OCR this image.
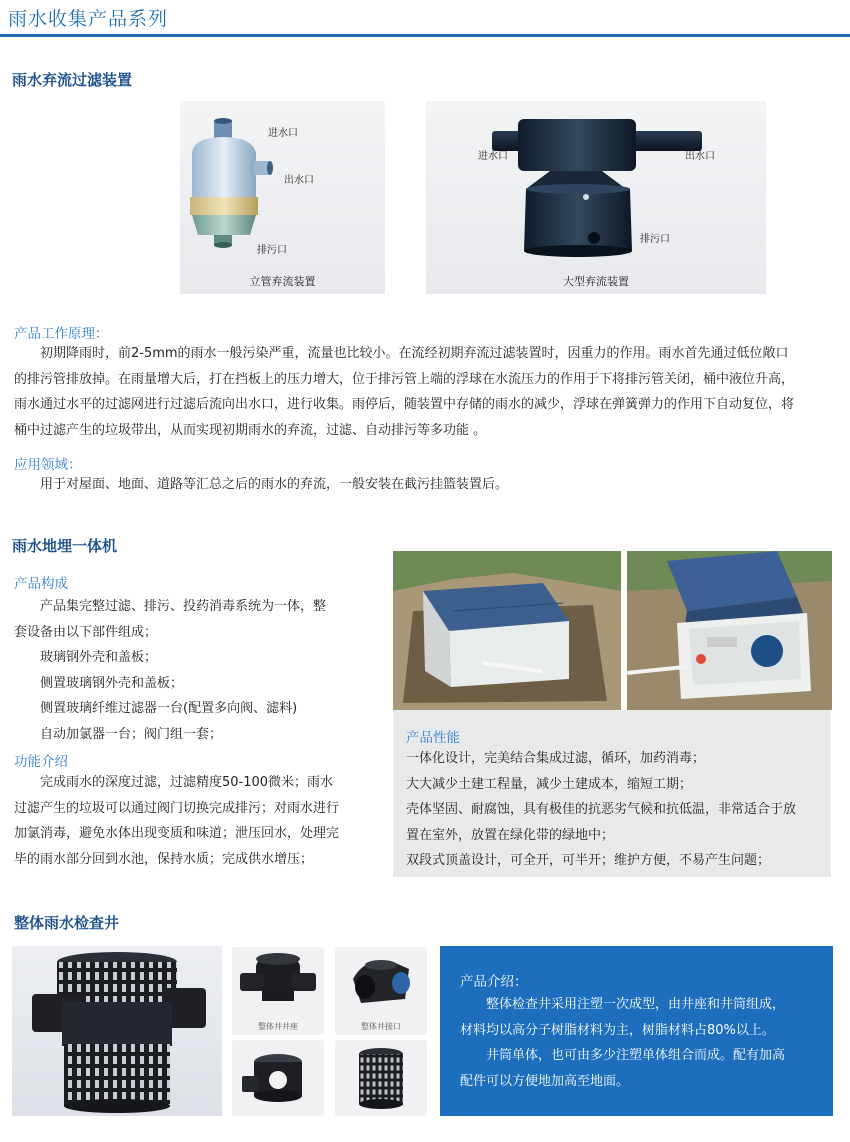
雨水收集产品系列
雨水弃流过滤装置
进水口
出水口
排污口
立管弃流装置
进水口	出水口
排污口
大型弃流装置
产品工作原理：
初期降雨时，前2-5mm的雨水一般污染严重，流量也比较小。在流经初期弃流过滤装置时，因重力的作用。雨水首先通过低位敞口
的排污管排放掉。在雨量增大后，打在挡板上的压力增大，位于排污管上端的浮球在水流压力的作用于下将排污管关闭，桶中液位升高，
雨水通过水平的过滤网进行过滤后流向出水口，进行收集。雨停后，随装置中存储的雨水的减少，浮球在弹簧弹力的作用下自动复位，将
桶中过滤产生的垃圾带出，从而实现初期雨水的弃流，过滤、自动排污等多功能 。
应用领域：
用于对屋面、地面、道路等汇总之后的雨水的弃流，一般安装在截污挂篮装置后。
雨水地埋一体机
产品构成
产品集完整过滤、排污、投药消毒系统为一体，整
套设备由以下部件组成；
玻璃钢外壳和盖板；
侧置玻璃钢外壳和盖板；
侧置玻璃纤维过滤器一台(配置多向阀、滤料)
自动加氯器一台；阀门组一套；
功能介绍
完成雨水的深度过滤，过滤精度50-100微米；雨水
过滤产生的垃圾可以通过阀门切换完成排污；对雨水进行
加氯消毒，避免水体出现变质和味道；泄压回水，处理完
毕的雨水部分回到水池，保持水质；完成供水增压；
产品性能
一体化设计，完美结合集成过滤，循环，加药消毒；
大大减少土建工程量，减少土建成本，缩短工期；
壳体坚固、耐腐蚀，具有极佳的抗恶劣气候和抗低温，非常适合于放
置在室外，放置在绿化带的绿地中；
双段式顶盖设计，可全开，可半开；维护方便，不易产生问题；
整体雨水检查井
整体井井座	整体井接口
产品介绍：
整体检查井采用注塑一次成型，由井座和井筒组成，
材料均以高分子树脂材料为主，树脂材料占80%以上。
井筒单体，也可由多少注塑单体组合而成。配有加高
配件可以方便地加高至地面。
